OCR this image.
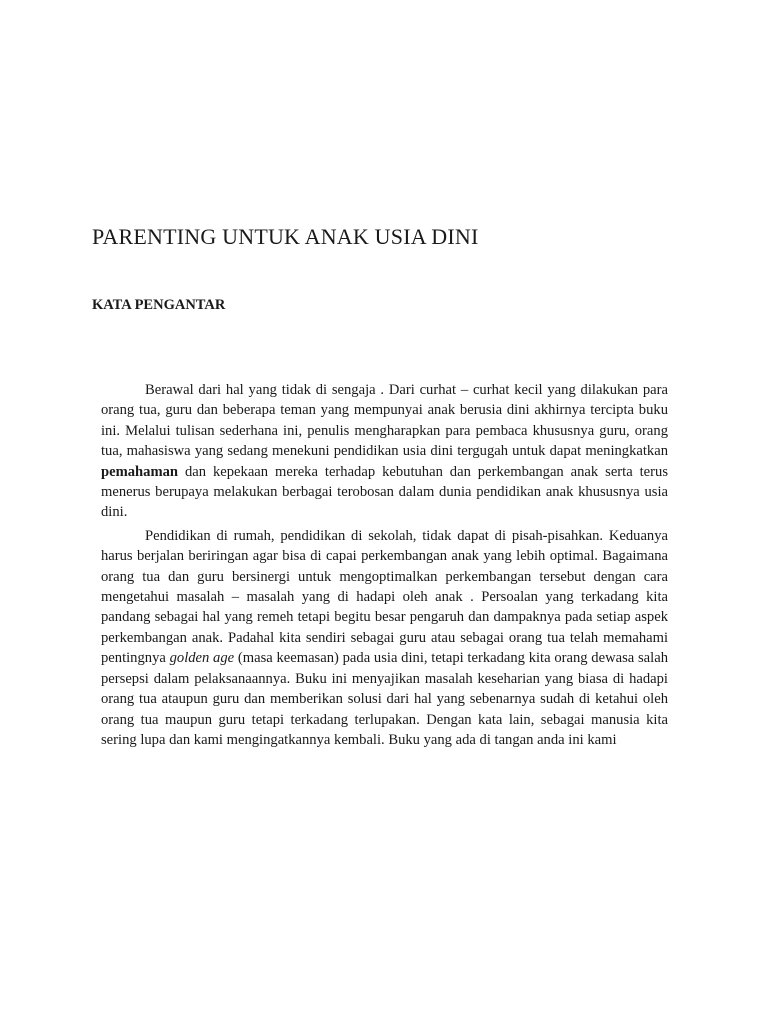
PARENTING UNTUK ANAK USIA DINI
KATA PENGANTAR

Berawal dari hal yang tidak di sengaja . Dari curhat – curhat kecil yang dilakukan para orang tua, guru dan beberapa teman yang mempunyai anak berusia dini akhirnya tercipta buku ini. Melalui tulisan sederhana ini, penulis mengharapkan para pembaca khususnya guru, orang tua, mahasiswa yang sedang menekuni pendidikan usia dini tergugah untuk dapat meningkatkan pemahaman dan kepekaan mereka terhadap kebutuhan dan perkembangan anak serta terus menerus berupaya melakukan berbagai terobosan dalam dunia pendidikan anak khususnya usia dini.

Pendidikan di rumah, pendidikan di sekolah, tidak dapat di pisah-pisahkan. Keduanya harus berjalan beriringan agar bisa di capai perkembangan anak yang lebih optimal. Bagaimana orang tua dan guru bersinergi untuk mengoptimalkan perkembangan tersebut dengan cara mengetahui masalah – masalah yang di hadapi oleh anak . Persoalan yang terkadang kita pandang sebagai hal yang remeh tetapi begitu besar pengaruh dan dampaknya pada setiap aspek perkembangan anak. Padahal kita sendiri sebagai guru atau sebagai orang tua telah memahami pentingnya golden age (masa keemasan) pada usia dini, tetapi terkadang kita orang dewasa salah persepsi dalam pelaksanaannya. Buku ini menyajikan masalah keseharian yang biasa di hadapi orang tua ataupun guru dan memberikan solusi dari hal yang sebenarnya sudah di ketahui oleh orang tua maupun guru tetapi terkadang terlupakan. Dengan kata lain, sebagai manusia kita sering lupa dan kami mengingatkannya kembali. Buku yang ada di tangan anda ini kami
